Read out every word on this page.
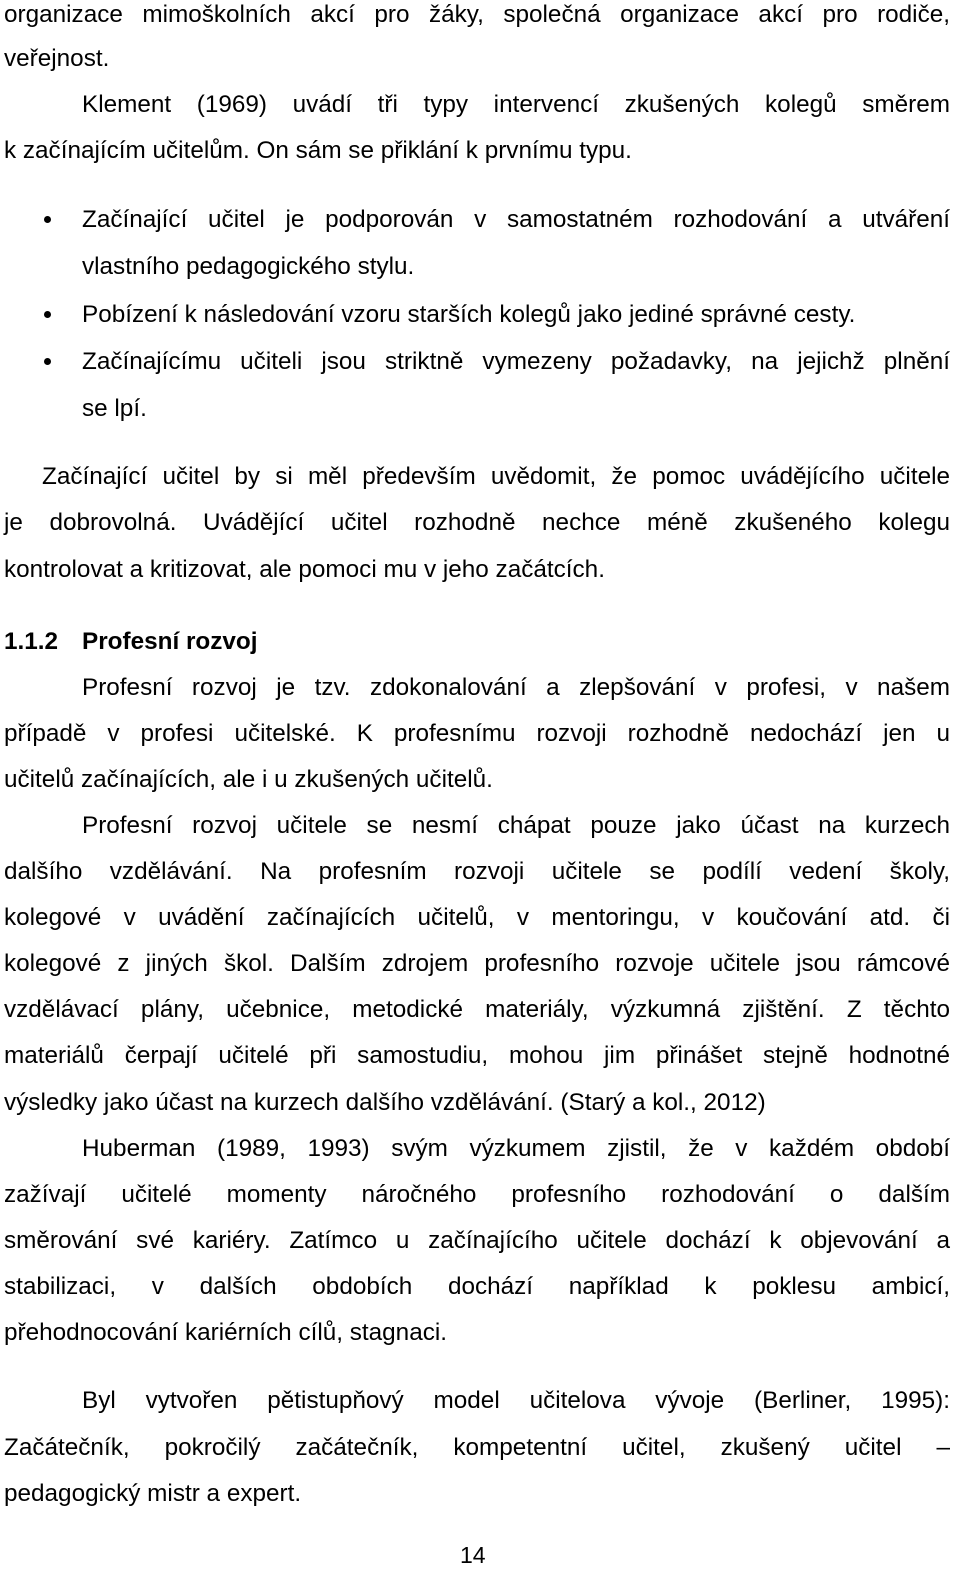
organizace mimoškolních akcí pro žáky, společná organizace akcí pro rodiče,
veřejnost.
Klement (1969) uvádí tři typy intervencí zkušených kolegů směrem
k začínajícím učitelům. On sám se přiklání k prvnímu typu.
Začínající učitel je podporován v samostatném rozhodování a utváření
vlastního pedagogického stylu.
Pobízení k následování vzoru starších kolegů jako jediné správné cesty.
Začínajícímu učiteli jsou striktně vymezeny požadavky, na jejichž plnění
se lpí.
Začínající učitel by si měl především uvědomit, že pomoc uvádějícího učitele
je dobrovolná. Uvádějící učitel rozhodně nechce méně zkušeného kolegu
kontrolovat a kritizovat, ale pomoci mu v jeho začátcích.
1.1.2 Profesní rozvoj
Profesní rozvoj je tzv. zdokonalování a zlepšování v profesi, v našem
případě v profesi učitelské. K profesnímu rozvoji rozhodně nedochází jen u
učitelů začínajících, ale i u zkušených učitelů.
Profesní rozvoj učitele se nesmí chápat pouze jako účast na kurzech
dalšího vzdělávání. Na profesním rozvoji učitele se podílí vedení školy,
kolegové v uvádění začínajících učitelů, v mentoringu, v koučování atd. či
kolegové z jiných škol. Dalším zdrojem profesního rozvoje učitele jsou rámcové
vzdělávací plány, učebnice, metodické materiály, výzkumná zjištění. Z těchto
materiálů čerpají učitelé při samostudiu, mohou jim přinášet stejně hodnotné
výsledky jako účast na kurzech dalšího vzdělávání. (Starý a kol., 2012)
Huberman (1989, 1993) svým výzkumem zjistil, že v každém období
zažívají učitelé momenty náročného profesního rozhodování o dalším
směrování své kariéry. Zatímco u začínajícího učitele dochází k objevování a
stabilizaci, v dalších obdobích dochází například k poklesu ambicí,
přehodnocování kariérních cílů, stagnaci.
Byl vytvořen pětistupňový model učitelova vývoje (Berliner, 1995):
Začátečník, pokročilý začátečník, kompetentní učitel, zkušený učitel –
pedagogický mistr a expert.
14
